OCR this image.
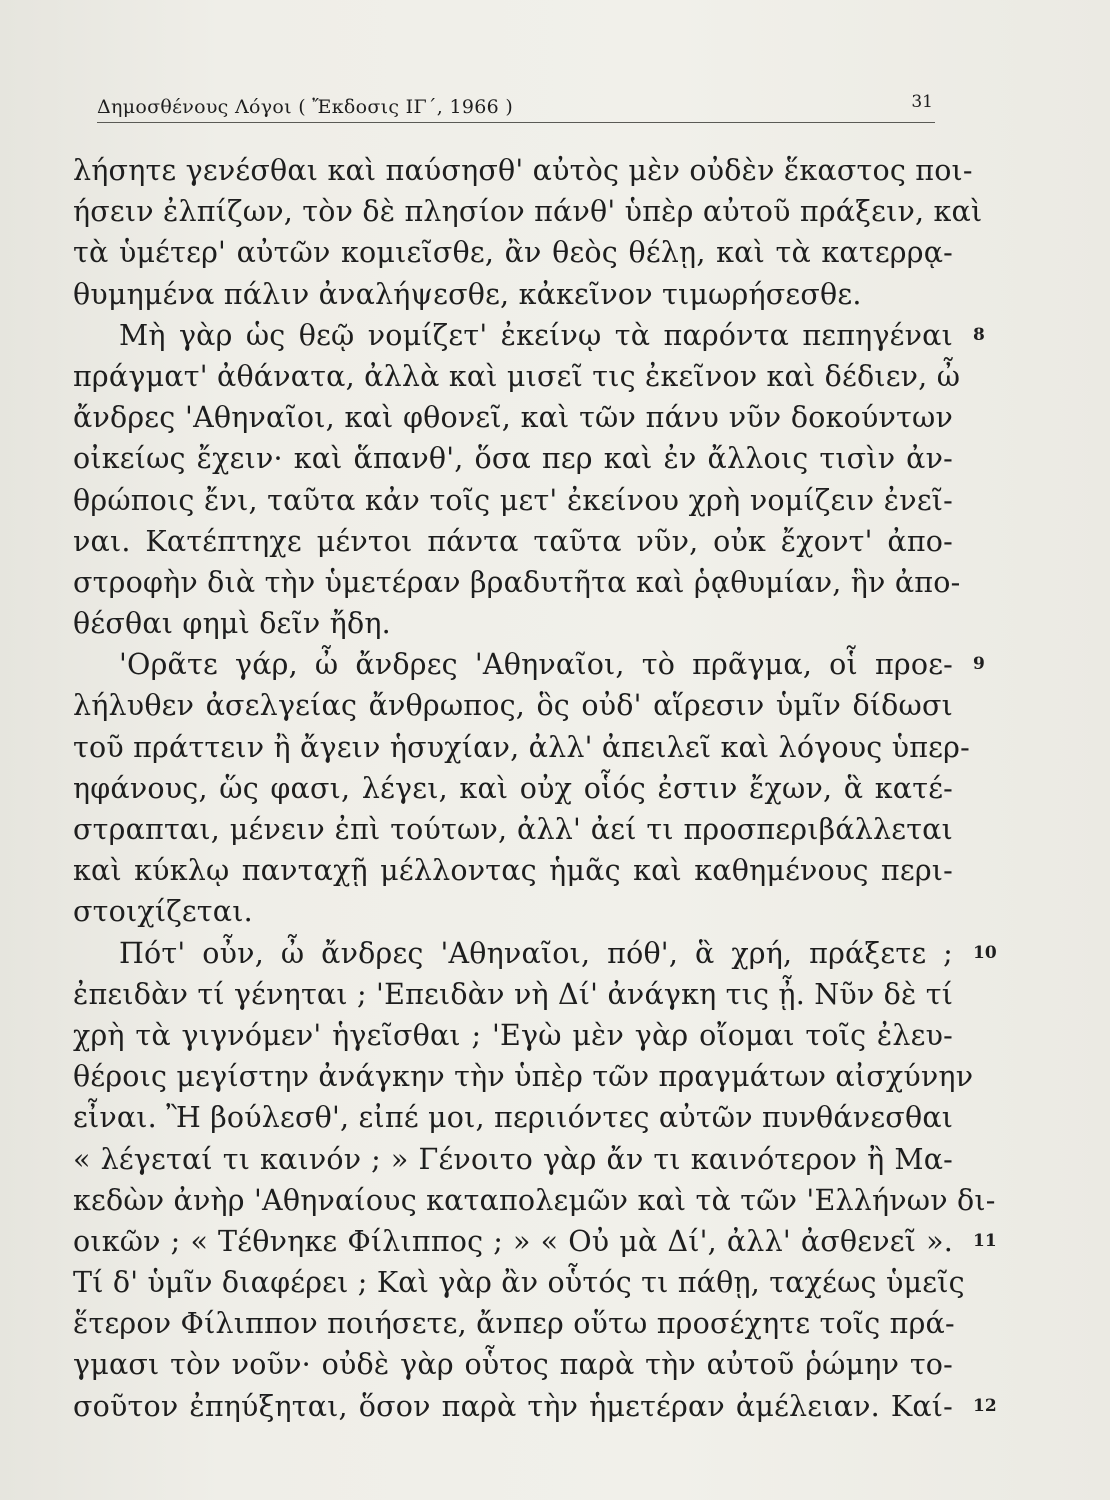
Δημοσθένους Λόγοι ( Ἔκδοσις ΙΓ΄, 1966 )	31
λήσητε γενέσθαι καὶ παύσησθ' αὐτὸς μὲν οὐδὲν ἕκαστος ποι-
ήσειν ἐλπίζων, τὸν δὲ πλησίον πάνθ' ὑπὲρ αὐτοῦ πράξειν, καὶ
τὰ ὑμέτερ' αὐτῶν κομιεῖσθε, ἂν θεὸς θέλῃ, καὶ τὰ κατερρᾳ-
θυμημένα πάλιν ἀναλήψεσθε, κἀκεῖνον τιμωρήσεσθε.
Μὴ γὰρ ὡς θεῷ νομίζετ' ἐκείνῳ τὰ παρόντα πεπηγέναι 8
πράγματ' ἀθάνατα, ἀλλὰ καὶ μισεῖ τις ἐκεῖνον καὶ δέδιεν, ὦ
ἄνδρες 'Αθηναῖοι, καὶ φθονεῖ, καὶ τῶν πάνυ νῦν δοκούντων
οἰκείως ἔχειν· καὶ ἅπανθ', ὅσα περ καὶ ἐν ἄλλοις τισὶν ἀν-
θρώποις ἔνι, ταῦτα κἀν τοῖς μετ' ἐκείνου χρὴ νομίζειν ἐνεῖ-
ναι. Κατέπτηχε μέντοι πάντα ταῦτα νῦν, οὐκ ἔχοντ' ἀπο-
στροφὴν διὰ τὴν ὑμετέραν βραδυτῆτα καὶ ῥᾳθυμίαν, ἣν ἀπο-
θέσθαι φημὶ δεῖν ἤδη.
'Ορᾶτε γάρ, ὦ ἄνδρες 'Αθηναῖοι, τὸ πρᾶγμα, οἷ προε- 9
λήλυθεν ἀσελγείας ἄνθρωπος, ὃς οὐδ' αἵρεσιν ὑμῖν δίδωσι
τοῦ πράττειν ἢ ἄγειν ἡσυχίαν, ἀλλ' ἀπειλεῖ καὶ λόγους ὑπερ-
ηφάνους, ὥς φασι, λέγει, καὶ οὐχ οἷός ἐστιν ἔχων, ἃ κατέ-
στραπται, μένειν ἐπὶ τούτων, ἀλλ' ἀεί τι προσπεριβάλλεται
καὶ κύκλῳ πανταχῇ μέλλοντας ἡμᾶς καὶ καθημένους περι-
στοιχίζεται.
Πότ' οὖν, ὦ ἄνδρες 'Αθηναῖοι, πόθ', ἃ χρή, πράξετε ; 10
ἐπειδὰν τί γένηται ; 'Επειδὰν νὴ Δί' ἀνάγκη τις ᾖ. Νῦν δὲ τί
χρὴ τὰ γιγνόμεν' ἡγεῖσθαι ; 'Εγὼ μὲν γὰρ οἴομαι τοῖς ἐλευ-
θέροις μεγίστην ἀνάγκην τὴν ὑπὲρ τῶν πραγμάτων αἰσχύνην
εἶναι. Ἢ βούλεσθ', εἰπέ μοι, περιιόντες αὐτῶν πυνθάνεσθαι
« λέγεταί τι καινόν ; » Γένοιτο γὰρ ἄν τι καινότερον ἢ Μα-
κεδὼν ἀνὴρ 'Αθηναίους καταπολεμῶν καὶ τὰ τῶν 'Ελλήνων δι-
οικῶν ; « Τέθνηκε Φίλιππος ; » « Οὐ μὰ Δί', ἀλλ' ἀσθενεῖ ». 11
Τί δ' ὑμῖν διαφέρει ; Καὶ γὰρ ἂν οὗτός τι πάθῃ, ταχέως ὑμεῖς
ἕτερον Φίλιππον ποιήσετε, ἄνπερ οὕτω προσέχητε τοῖς πρά-
γμασι τὸν νοῦν· οὐδὲ γὰρ οὗτος παρὰ τὴν αὐτοῦ ῥώμην το-
σοῦτον ἐπηύξηται, ὅσον παρὰ τὴν ἡμετέραν ἀμέλειαν. Καί- 12
